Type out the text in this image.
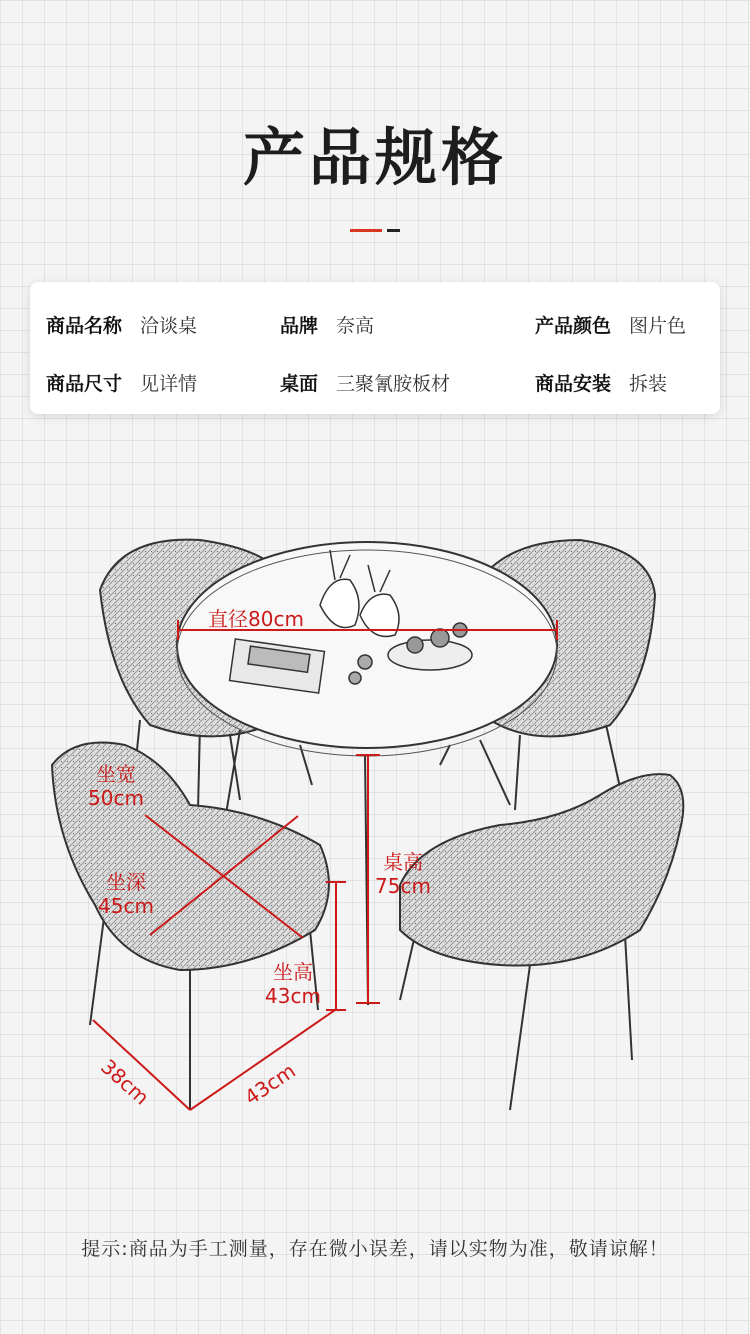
产品规格
商品名称 洽谈桌	品牌 奈高	产品颜色 图片色
商品尺寸 见详情	桌面 三聚氰胺板材	商品安装 拆装
直径80cm
坐宽
50cm
坐深
45cm
桌高
75cm
坐高
43cm
38cm	43cm
提示:商品为手工测量，存在微小误差，请以实物为准，敬请谅解！
